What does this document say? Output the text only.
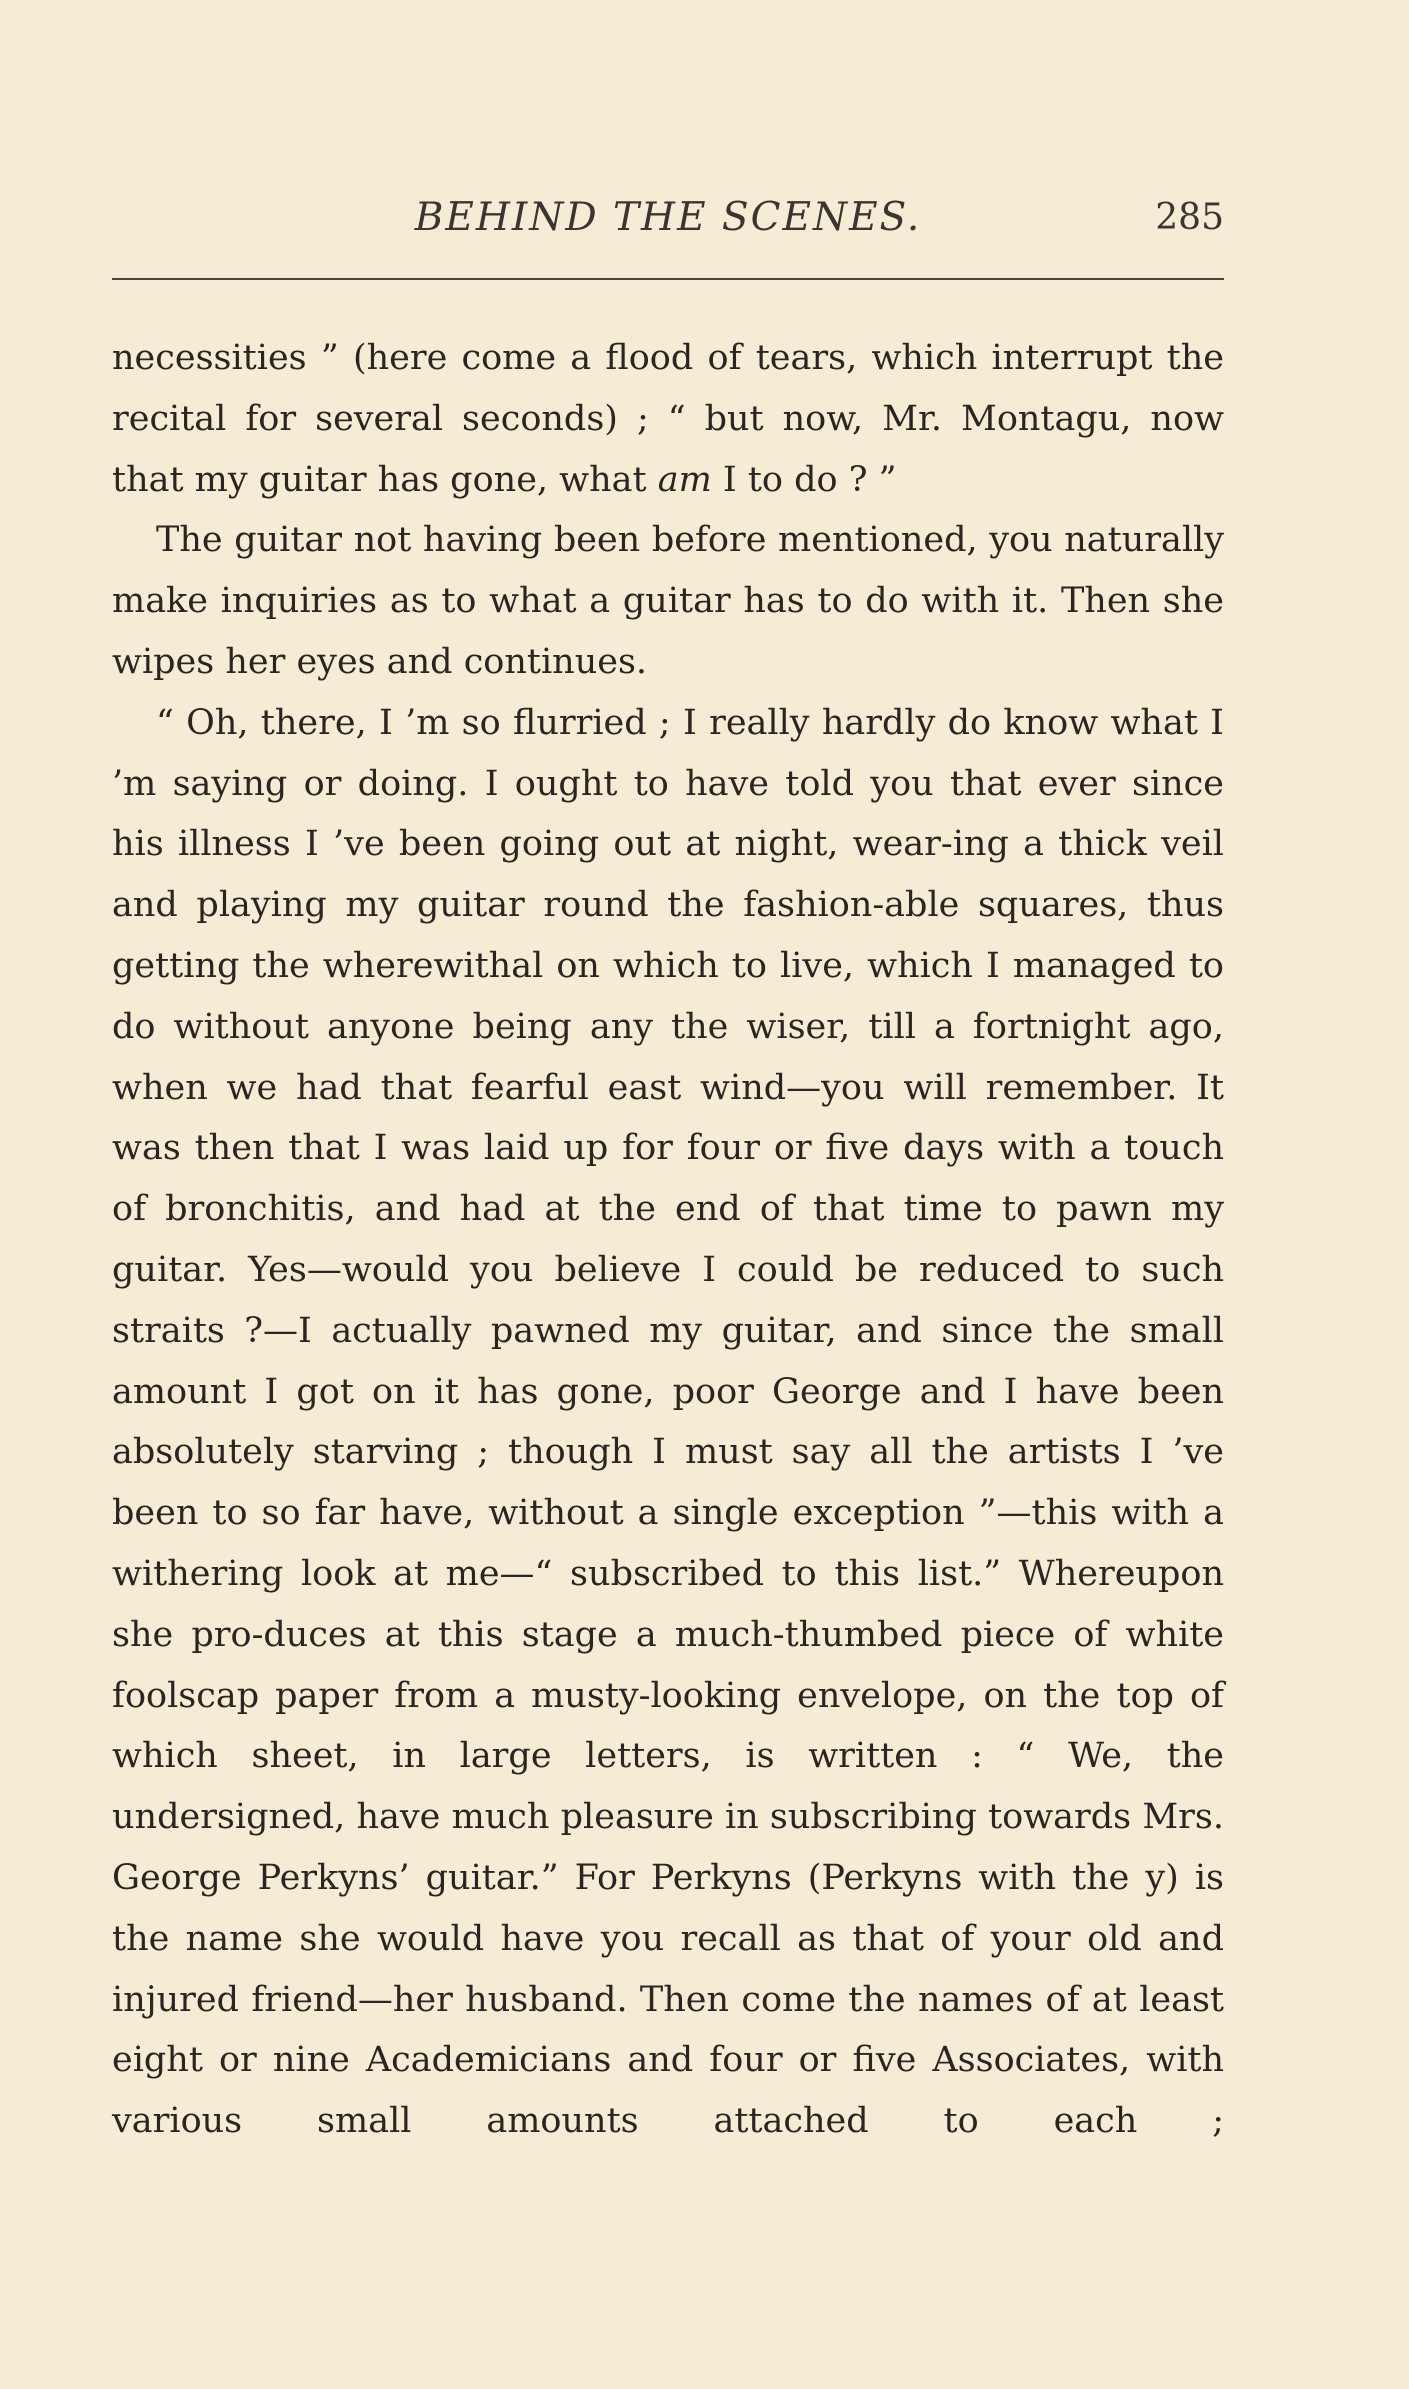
BEHIND THE SCENES.	285

necessities ” (here come a flood of tears, which interrupt the recital for several seconds) ; “ but now, Mr. Montagu, now that my guitar has gone, what am I to do ? ”

The guitar not having been before mentioned, you naturally make inquiries as to what a guitar has to do with it. Then she wipes her eyes and continues.

“ Oh, there, I ’m so flurried ; I really hardly do know what I ’m saying or doing. I ought to have told you that ever since his illness I ’ve been going out at night, wear-ing a thick veil and playing my guitar round the fashion-able squares, thus getting the wherewithal on which to live, which I managed to do without anyone being any the wiser, till a fortnight ago, when we had that fearful east wind—you will remember. It was then that I was laid up for four or five days with a touch of bronchitis, and had at the end of that time to pawn my guitar. Yes—would you believe I could be reduced to such straits ?—I actually pawned my guitar, and since the small amount I got on it has gone, poor George and I have been absolutely starving ; though I must say all the artists I ’ve been to so far have, without a single exception ”—this with a withering look at me—“ subscribed to this list.” Whereupon she pro-duces at this stage a much-thumbed piece of white foolscap paper from a musty-looking envelope, on the top of which sheet, in large letters, is written : “ We, the undersigned, have much pleasure in subscribing towards Mrs. George Perkyns’ guitar.” For Perkyns (Perkyns with the y) is the name she would have you recall as that of your old and injured friend—her husband. Then come the names of at least eight or nine Academicians and four or five Associates, with various small amounts attached to each ;
